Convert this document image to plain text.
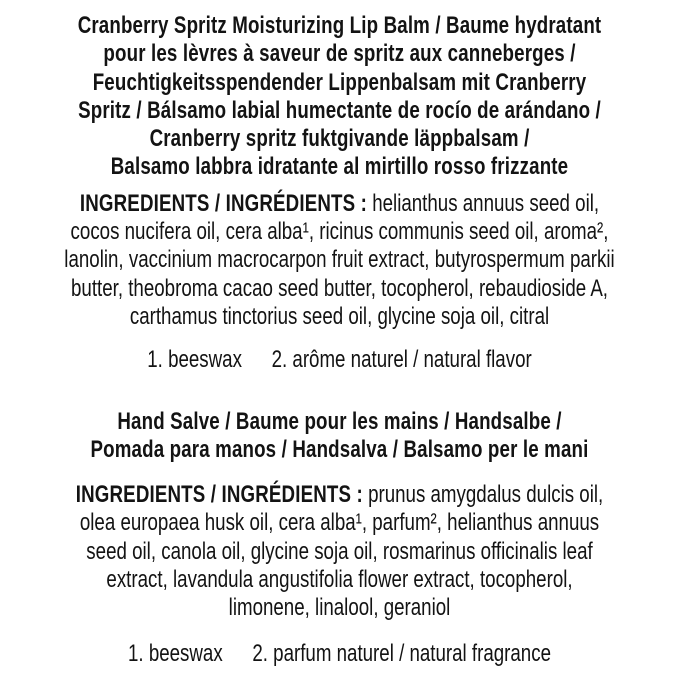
Cranberry Spritz Moisturizing Lip Balm / Baume hydratant
pour les lèvres à saveur de spritz aux canneberges /
Feuchtigkeitsspendender Lippenbalsam mit Cranberry
Spritz / Bálsamo labial humectante de rocío de arándano /
Cranberry spritz fuktgivande läppbalsam /
Balsamo labbra idratante al mirtillo rosso frizzante
INGREDIENTS / INGRÉDIENTS : helianthus annuus seed oil,
cocos nucifera oil, cera alba¹, ricinus communis seed oil, aroma²,
lanolin, vaccinium macrocarpon fruit extract, butyrospermum parkii
butter, theobroma cacao seed butter, tocopherol, rebaudioside A,
carthamus tinctorius seed oil, glycine soja oil, citral
1. beeswax 2. arôme naturel / natural flavor
Hand Salve / Baume pour les mains / Handsalbe /
Pomada para manos / Handsalva / Balsamo per le mani
INGREDIENTS / INGRÉDIENTS : prunus amygdalus dulcis oil,
olea europaea husk oil, cera alba¹, parfum², helianthus annuus
seed oil, canola oil, glycine soja oil, rosmarinus officinalis leaf
extract, lavandula angustifolia flower extract, tocopherol,
limonene, linalool, geraniol
1. beeswax 2. parfum naturel / natural fragrance
